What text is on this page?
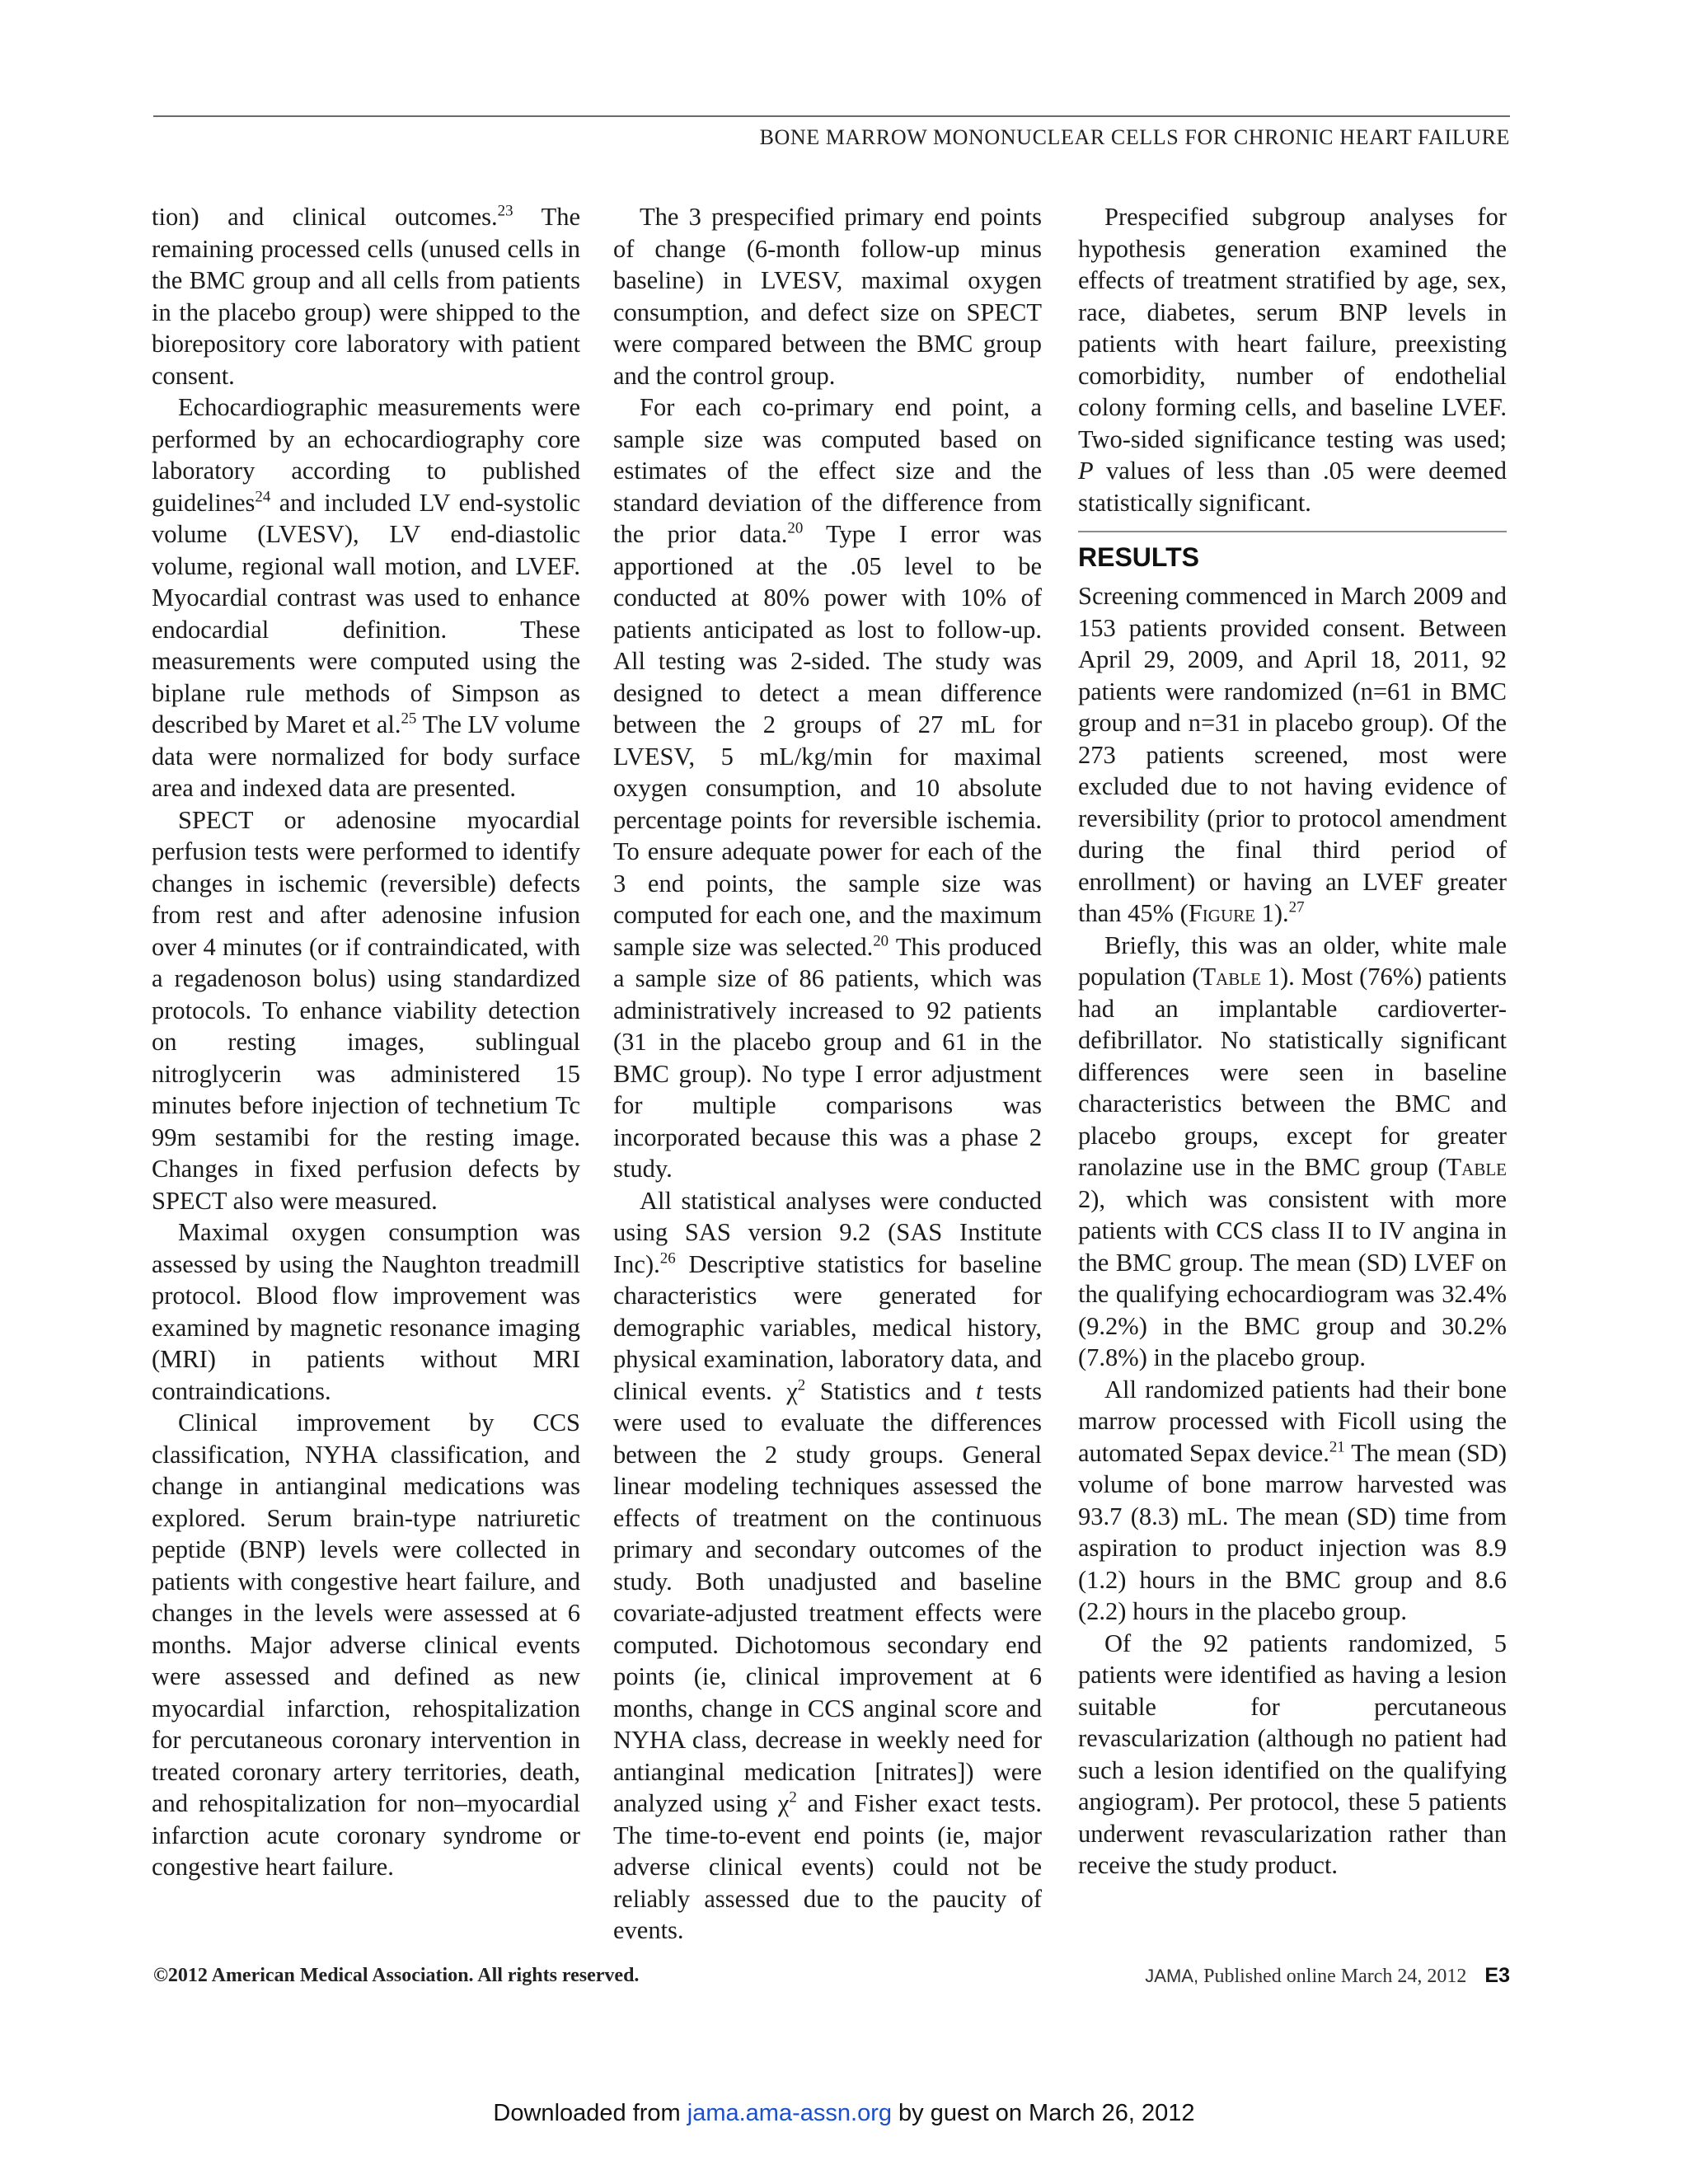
BONE MARROW MONONUCLEAR CELLS FOR CHRONIC HEART FAILURE

tion) and clinical outcomes.$^{23}$ The remaining processed cells (unused cells in the BMC group and all cells from patients in the placebo group) were shipped to the biorepository core laboratory with patient consent.

Echocardiographic measurements were performed by an echocardiography core laboratory according to published guidelines$^{24}$ and included LV end-systolic volume (LVESV), LV end-diastolic volume, regional wall motion, and LVEF. Myocardial contrast was used to enhance endocardial definition. These measurements were computed using the biplane rule methods of Simpson as described by Maret et al.$^{25}$ The LV volume data were normalized for body surface area and indexed data are presented.

SPECT or adenosine myocardial perfusion tests were performed to identify changes in ischemic (reversible) defects from rest and after adenosine infusion over 4 minutes (or if contraindicated, with a regadenoson bolus) using standardized protocols. To enhance viability detection on resting images, sublingual nitroglycerin was administered 15 minutes before injection of technetium Tc 99m sestamibi for the resting image. Changes in fixed perfusion defects by SPECT also were measured.

Maximal oxygen consumption was assessed by using the Naughton treadmill protocol. Blood flow improvement was examined by magnetic resonance imaging (MRI) in patients without MRI contraindications.

Clinical improvement by CCS classification, NYHA classification, and change in antianginal medications was explored. Serum brain-type natriuretic peptide (BNP) levels were collected in patients with congestive heart failure, and changes in the levels were assessed at 6 months. Major adverse clinical events were assessed and defined as new myocardial infarction, rehospitalization for percutaneous coronary intervention in treated coronary artery territories, death, and rehospitalization for non–myocardial infarction acute coronary syndrome or congestive heart failure.

The 3 prespecified primary end points of change (6-month follow-up minus baseline) in LVESV, maximal oxygen consumption, and defect size on SPECT were compared between the BMC group and the control group.

For each co-primary end point, a sample size was computed based on estimates of the effect size and the standard deviation of the difference from the prior data.$^{20}$ Type I error was apportioned at the .05 level to be conducted at 80% power with 10% of patients anticipated as lost to follow-up. All testing was 2-sided. The study was designed to detect a mean difference between the 2 groups of 27 mL for LVESV, 5 mL/kg/min for maximal oxygen consumption, and 10 absolute percentage points for reversible ischemia. To ensure adequate power for each of the 3 end points, the sample size was computed for each one, and the maximum sample size was selected.$^{20}$ This produced a sample size of 86 patients, which was administratively increased to 92 patients (31 in the placebo group and 61 in the BMC group). No type I error adjustment for multiple comparisons was incorporated because this was a phase 2 study.

All statistical analyses were conducted using SAS version 9.2 (SAS Institute Inc).$^{26}$ Descriptive statistics for baseline characteristics were generated for demographic variables, medical history, physical examination, laboratory data, and clinical events. $\chi^2$ Statistics and t tests were used to evaluate the differences between the 2 study groups. General linear modeling techniques assessed the effects of treatment on the continuous primary and secondary outcomes of the study. Both unadjusted and baseline covariate-adjusted treatment effects were computed. Dichotomous secondary end points (ie, clinical improvement at 6 months, change in CCS anginal score and NYHA class, decrease in weekly need for antianginal medication [nitrates]) were analyzed using $\chi^2$ and Fisher exact tests. The time-to-event end points (ie, major adverse clinical events) could not be reliably assessed due to the paucity of events.

Prespecified subgroup analyses for hypothesis generation examined the effects of treatment stratified by age, sex, race, diabetes, serum BNP levels in patients with heart failure, preexisting comorbidity, number of endothelial colony forming cells, and baseline LVEF. Two-sided significance testing was used; P values of less than .05 were deemed statistically significant.

RESULTS

Screening commenced in March 2009 and 153 patients provided consent. Between April 29, 2009, and April 18, 2011, 92 patients were randomized (n=61 in BMC group and n=31 in placebo group). Of the 273 patients screened, most were excluded due to not having evidence of reversibility (prior to protocol amendment during the final third period of enrollment) or having an LVEF greater than 45% (Figure 1).$^{27}$

Briefly, this was an older, white male population (Table 1). Most (76%) patients had an implantable cardioverter-defibrillator. No statistically significant differences were seen in baseline characteristics between the BMC and placebo groups, except for greater ranolazine use in the BMC group (Table 2), which was consistent with more patients with CCS class II to IV angina in the BMC group. The mean (SD) LVEF on the qualifying echocardiogram was 32.4% (9.2%) in the BMC group and 30.2% (7.8%) in the placebo group.

All randomized patients had their bone marrow processed with Ficoll using the automated Sepax device.$^{21}$ The mean (SD) volume of bone marrow harvested was 93.7 (8.3) mL. The mean (SD) time from aspiration to product injection was 8.9 (1.2) hours in the BMC group and 8.6 (2.2) hours in the placebo group.

Of the 92 patients randomized, 5 patients were identified as having a lesion suitable for percutaneous revascularization (although no patient had such a lesion identified on the qualifying angiogram). Per protocol, these 5 patients underwent revascularization rather than receive the study product.

©2012 American Medical Association. All rights reserved.	JAMA, Published online March 24, 2012 E3
Downloaded from jama.ama-assn.org by guest on March 26, 2012
